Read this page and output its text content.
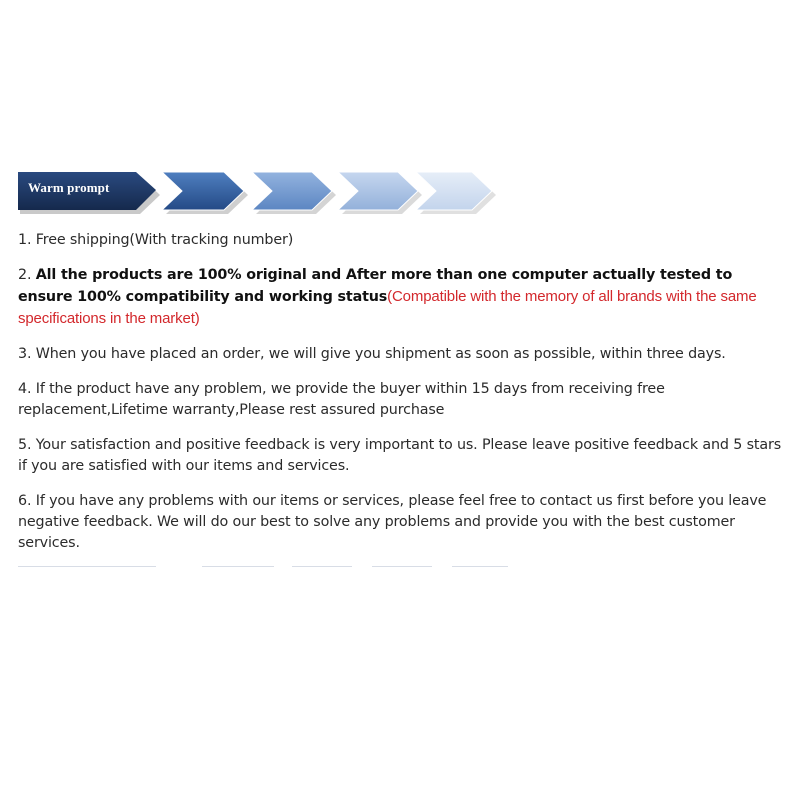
Warm prompt

1. Free shipping(With tracking number)

2. All the products are 100% original and After more than one computer actually tested to ensure 100% compatibility and working status(Compatible with the memory of all brands with the same specifications in the market)

3. When you have placed an order, we will give you shipment as soon as possible, within three days.

4. If the product have any problem, we provide the buyer within 15 days from receiving free replacement,Lifetime warranty,Please rest assured purchase

5. Your satisfaction and positive feedback is very important to us. Please leave positive feedback and 5 stars if you are satisfied with our items and services.

6. If you have any problems with our items or services, please feel free to contact us first before you leave negative feedback. We will do our best to solve any problems and provide you with the best customer services.
